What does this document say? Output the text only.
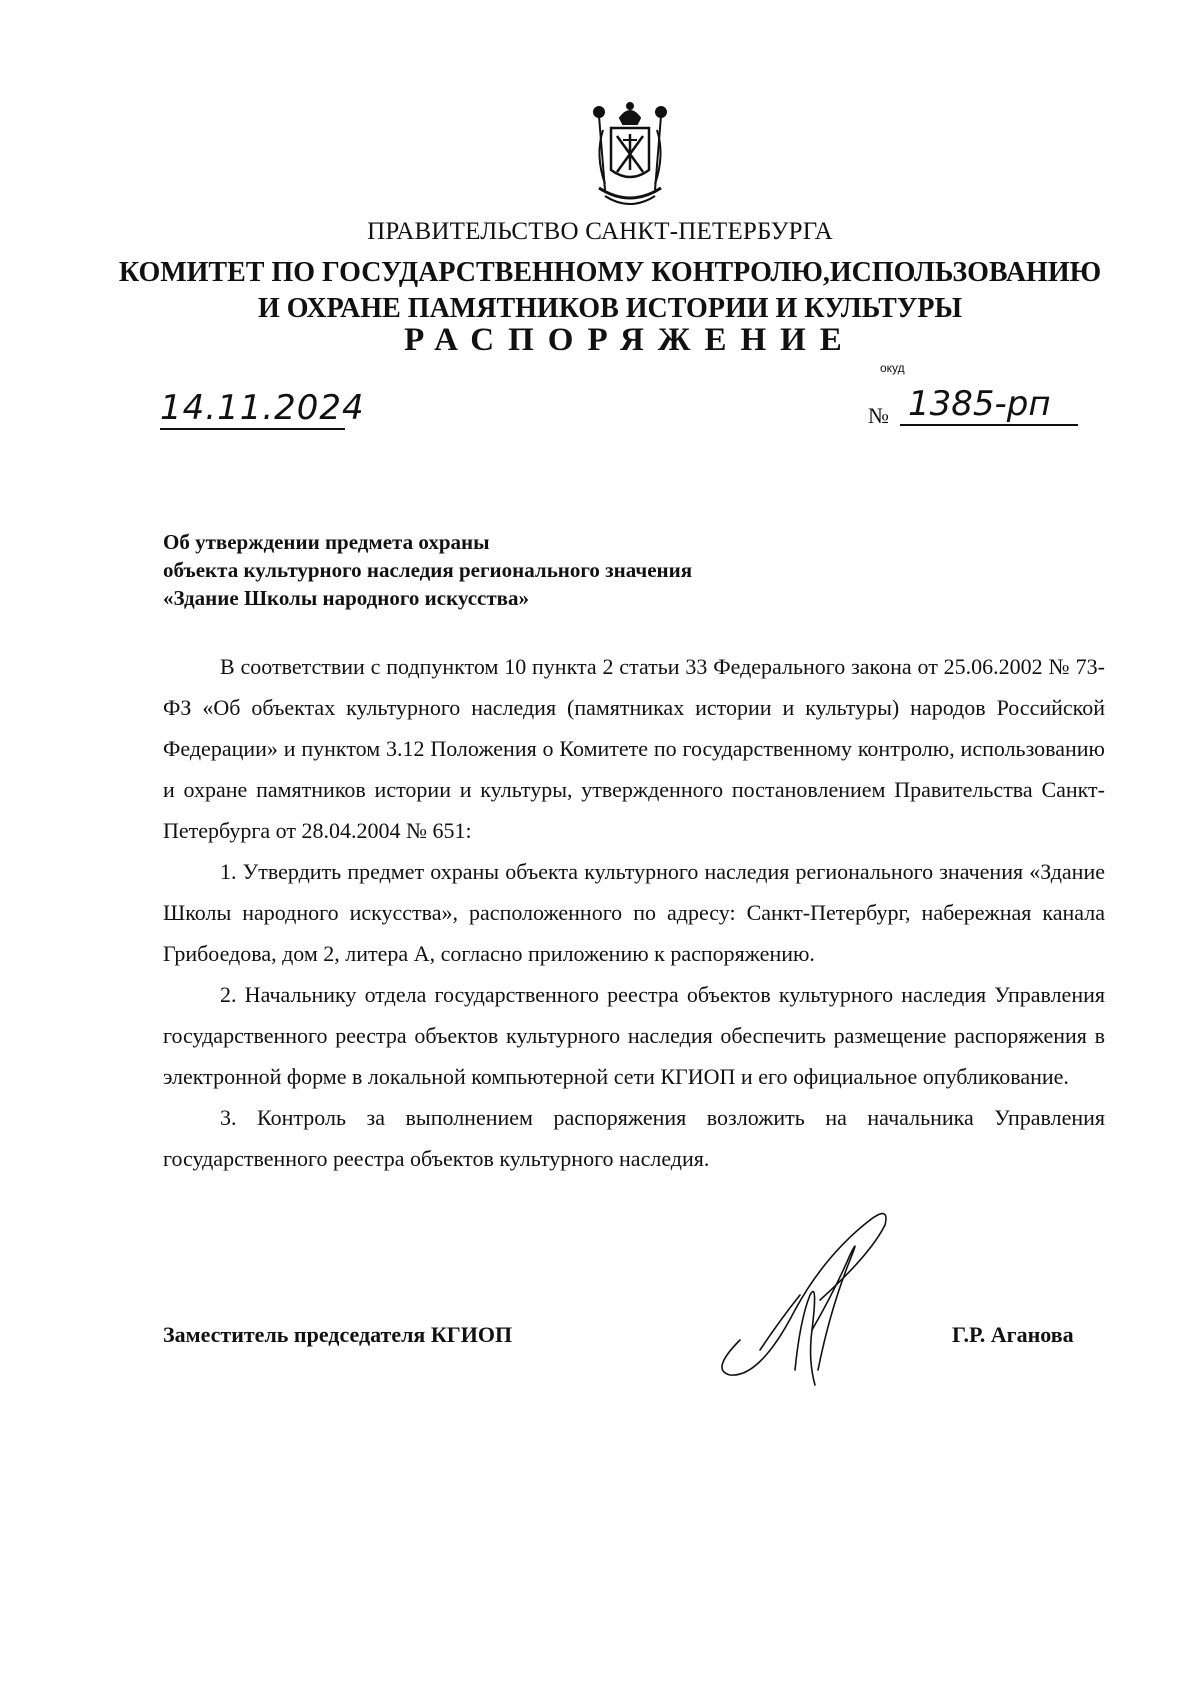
ПРАВИТЕЛЬСТВО САНКТ-ПЕТЕРБУРГА
КОМИТЕТ ПО ГОСУДАРСТВЕННОМУ КОНТРОЛЮ,ИСПОЛЬЗОВАНИЮ
И ОХРАНЕ ПАМЯТНИКОВ ИСТОРИИ И КУЛЬТУРЫ
РАСПОРЯЖЕНИЕ
окуд
14.11.2024	№ 1385-рп
Об утверждении предмета охраны
объекта культурного наследия регионального значения
«Здание Школы народного искусства»

В соответствии с подпунктом 10 пункта 2 статьи 33 Федерального закона от 25.06.2002 № 73-ФЗ «Об объектах культурного наследия (памятниках истории и культуры) народов Российской Федерации» и пунктом 3.12 Положения о Комитете по государственному контролю, использованию и охране памятников истории и культуры, утвержденного постановлением Правительства Санкт-Петербурга от 28.04.2004 № 651:

1. Утвердить предмет охраны объекта культурного наследия регионального значения «Здание Школы народного искусства», расположенного по адресу: Санкт-Петербург, набережная канала Грибоедова, дом 2, литера А, согласно приложению к распоряжению.

2. Начальнику отдела государственного реестра объектов культурного наследия Управления государственного реестра объектов культурного наследия обеспечить размещение распоряжения в электронной форме в локальной компьютерной сети КГИОП и его официальное опубликование.

3. Контроль за выполнением распоряжения возложить на начальника Управления государственного реестра объектов культурного наследия.

Заместитель председателя КГИОП	Г.Р. Аганова
